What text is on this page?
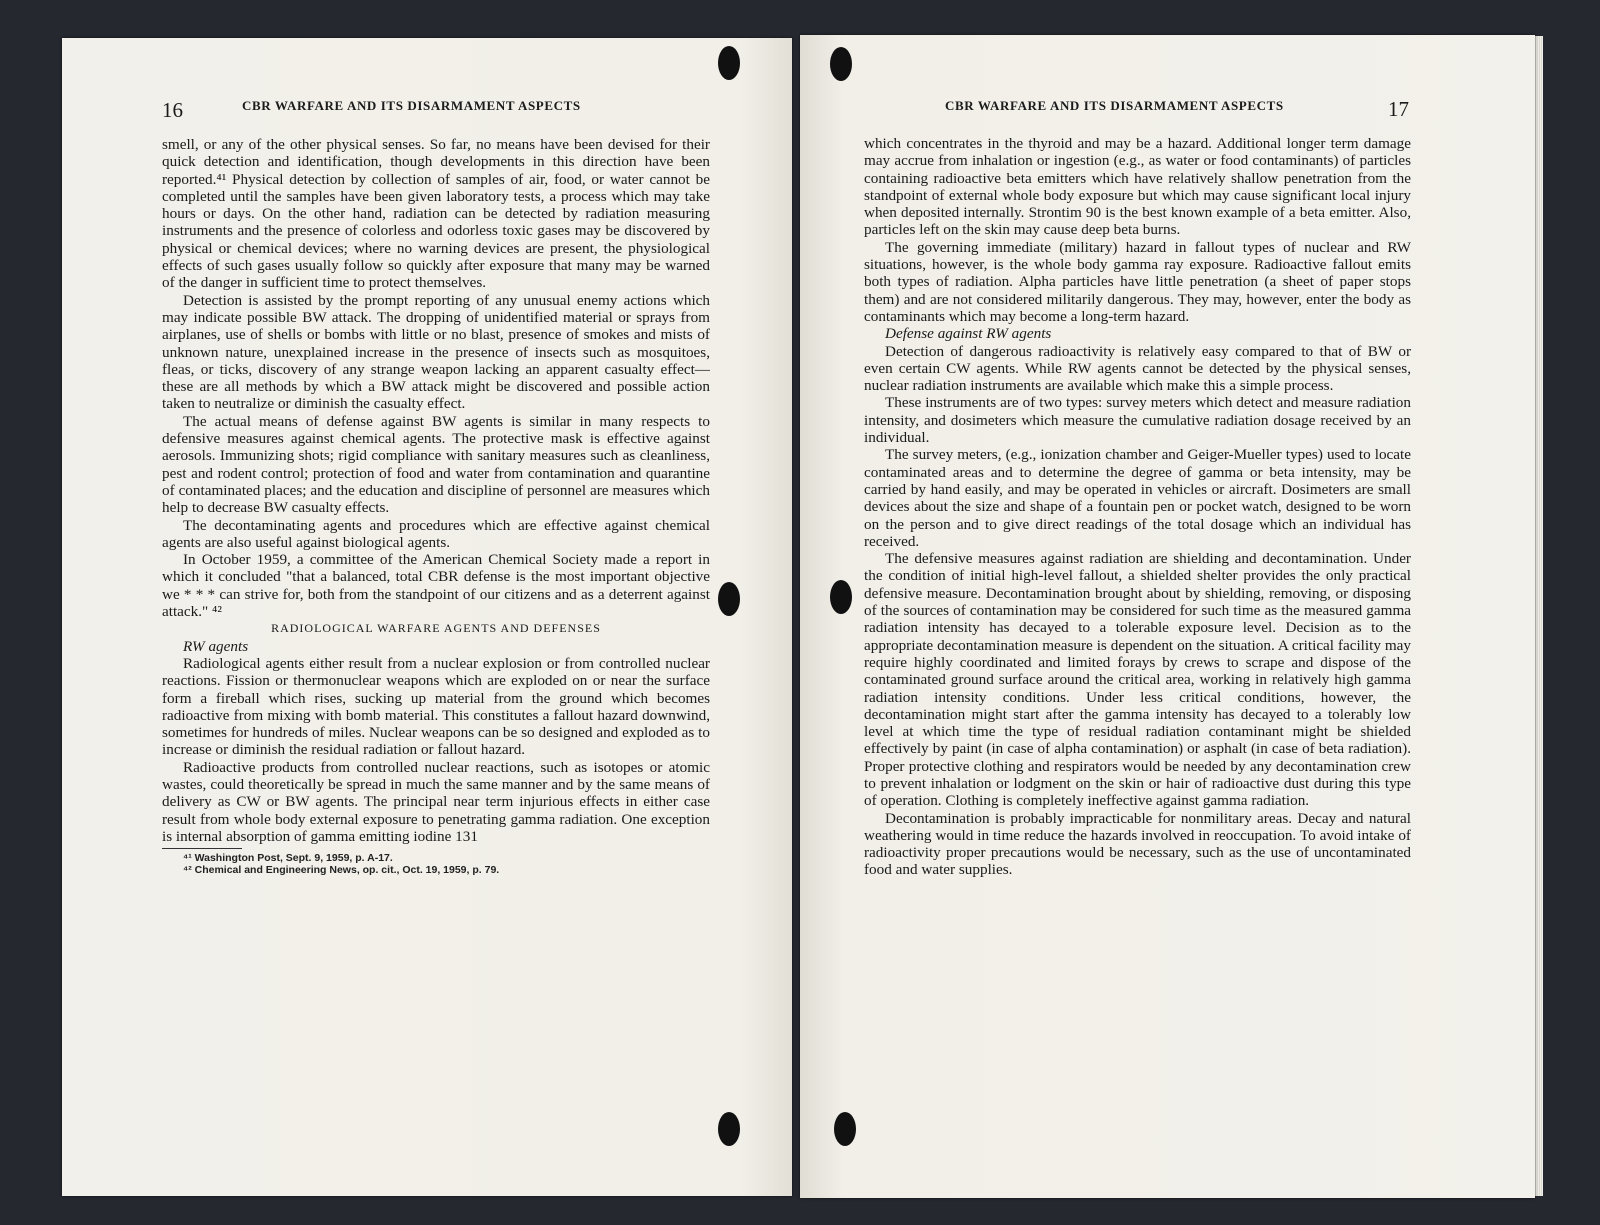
16	CBR WARFARE AND ITS DISARMAMENT ASPECTS

smell, or any of the other physical senses. So far, no means have been devised for their quick detection and identification, though developments in this direction have been reported.⁴¹ Physical detection by collection of samples of air, food, or water cannot be completed until the samples have been given laboratory tests, a process which may take hours or days. On the other hand, radiation can be detected by radiation measuring instruments and the presence of colorless and odorless toxic gases may be discovered by physical or chemical devices; where no warning devices are present, the physiological effects of such gases usually follow so quickly after exposure that many may be warned of the danger in sufficient time to protect themselves.

Detection is assisted by the prompt reporting of any unusual enemy actions which may indicate possible BW attack. The dropping of unidentified material or sprays from airplanes, use of shells or bombs with little or no blast, presence of smokes and mists of unknown nature, unexplained increase in the presence of insects such as mosquitoes, fleas, or ticks, discovery of any strange weapon lacking an apparent casualty effect—these are all methods by which a BW attack might be discovered and possible action taken to neutralize or diminish the casualty effect.

The actual means of defense against BW agents is similar in many respects to defensive measures against chemical agents. The protective mask is effective against aerosols. Immunizing shots; rigid compliance with sanitary measures such as cleanliness, pest and rodent control; protection of food and water from contamination and quarantine of contaminated places; and the education and discipline of personnel are measures which help to decrease BW casualty effects.

The decontaminating agents and procedures which are effective against chemical agents are also useful against biological agents.

In October 1959, a committee of the American Chemical Society made a report in which it concluded "that a balanced, total CBR defense is the most important objective we * * * can strive for, both from the standpoint of our citizens and as a deterrent against attack." ⁴²

RADIOLOGICAL WARFARE AGENTS AND DEFENSES

RW agents

Radiological agents either result from a nuclear explosion or from controlled nuclear reactions. Fission or thermonuclear weapons which are exploded on or near the surface form a fireball which rises, sucking up material from the ground which becomes radioactive from mixing with bomb material. This constitutes a fallout hazard downwind, sometimes for hundreds of miles. Nuclear weapons can be so designed and exploded as to increase or diminish the residual radiation or fallout hazard.

Radioactive products from controlled nuclear reactions, such as isotopes or atomic wastes, could theoretically be spread in much the same manner and by the same means of delivery as CW or BW agents. The principal near term injurious effects in either case result from whole body external exposure to penetrating gamma radiation. One exception is internal absorption of gamma emitting iodine 131

⁴¹ Washington Post, Sept. 9, 1959, p. A-17.

⁴² Chemical and Engineering News, op. cit., Oct. 19, 1959, p. 79.

CBR WARFARE AND ITS DISARMAMENT ASPECTS	17

which concentrates in the thyroid and may be a hazard. Additional longer term damage may accrue from inhalation or ingestion (e.g., as water or food contaminants) of particles containing radioactive beta emitters which have relatively shallow penetration from the standpoint of external whole body exposure but which may cause significant local injury when deposited internally. Strontim 90 is the best known example of a beta emitter. Also, particles left on the skin may cause deep beta burns.

The governing immediate (military) hazard in fallout types of nuclear and RW situations, however, is the whole body gamma ray exposure. Radioactive fallout emits both types of radiation. Alpha particles have little penetration (a sheet of paper stops them) and are not considered militarily dangerous. They may, however, enter the body as contaminants which may become a long-term hazard.

Defense against RW agents

Detection of dangerous radioactivity is relatively easy compared to that of BW or even certain CW agents. While RW agents cannot be detected by the physical senses, nuclear radiation instruments are available which make this a simple process.

These instruments are of two types: survey meters which detect and measure radiation intensity, and dosimeters which measure the cumulative radiation dosage received by an individual.

The survey meters, (e.g., ionization chamber and Geiger-Mueller types) used to locate contaminated areas and to determine the degree of gamma or beta intensity, may be carried by hand easily, and may be operated in vehicles or aircraft. Dosimeters are small devices about the size and shape of a fountain pen or pocket watch, designed to be worn on the person and to give direct readings of the total dosage which an individual has received.

The defensive measures against radiation are shielding and decontamination. Under the condition of initial high-level fallout, a shielded shelter provides the only practical defensive measure. Decontamination brought about by shielding, removing, or disposing of the sources of contamination may be considered for such time as the measured gamma radiation intensity has decayed to a tolerable exposure level. Decision as to the appropriate decontamination measure is dependent on the situation. A critical facility may require highly coordinated and limited forays by crews to scrape and dispose of the contaminated ground surface around the critical area, working in relatively high gamma radiation intensity conditions. Under less critical conditions, however, the decontamination might start after the gamma intensity has decayed to a tolerably low level at which time the type of residual radiation contaminant might be shielded effectively by paint (in case of alpha contamination) or asphalt (in case of beta radiation). Proper protective clothing and respirators would be needed by any decontamination crew to prevent inhalation or lodgment on the skin or hair of radioactive dust during this type of operation. Clothing is completely ineffective against gamma radiation.

Decontamination is probably impracticable for nonmilitary areas. Decay and natural weathering would in time reduce the hazards involved in reoccupation. To avoid intake of radioactivity proper precautions would be necessary, such as the use of uncontaminated food and water supplies.
